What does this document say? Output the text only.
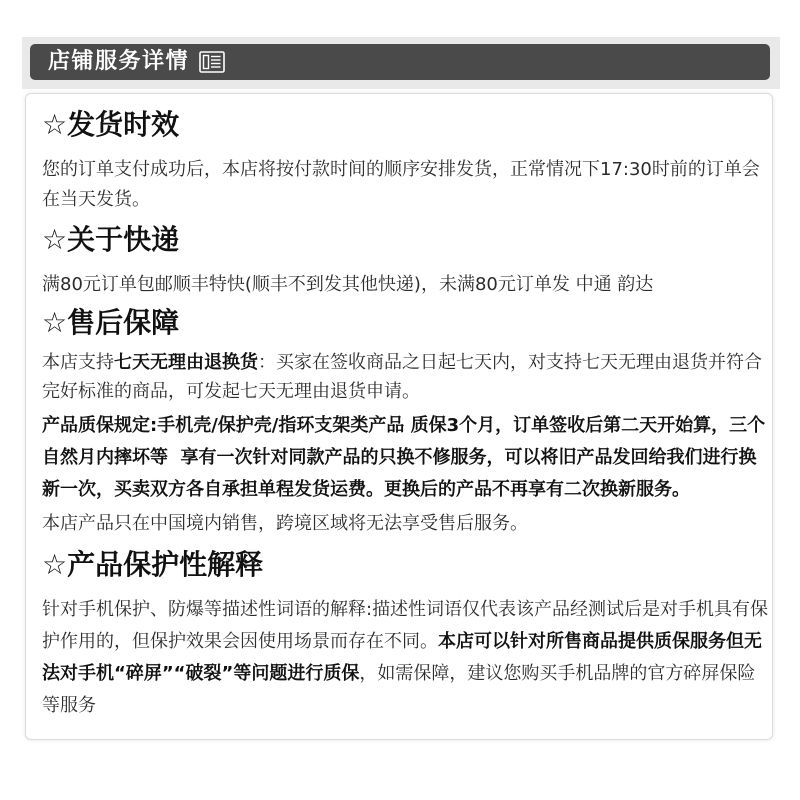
店铺服务详情
☆发货时效

您的订单支付成功后，本店将按付款时间的顺序安排发货，正常情况下17:30时前的订单会在当天发货。

☆关于快递

满80元订单包邮顺丰特快(顺丰不到发其他快递)，未满80元订单发 中通 韵达

☆售后保障

本店支持七天无理由退换货：买家在签收商品之日起七天内，对支持七天无理由退货并符合完好标准的商品，可发起七天无理由退货申请。

产品质保规定:手机壳/保护壳/指环支架类产品 质保3个月，订单签收后第二天开始算，三个自然月内摔坏等  享有一次针对同款产品的只换不修服务，可以将旧产品发回给我们进行换新一次，买卖双方各自承担单程发货运费。更换后的产品不再享有二次换新服务。

本店产品只在中国境内销售，跨境区域将无法享受售后服务。

☆产品保护性解释

针对手机保护、防爆等描述性词语的解释:描述性词语仅代表该产品经测试后是对手机具有保护作用的，但保护效果会因使用场景而存在不同。本店可以针对所售商品提供质保服务但无法对手机“碎屏”“破裂”等问题进行质保，如需保障，建议您购买手机品牌的官方碎屏保险等服务
